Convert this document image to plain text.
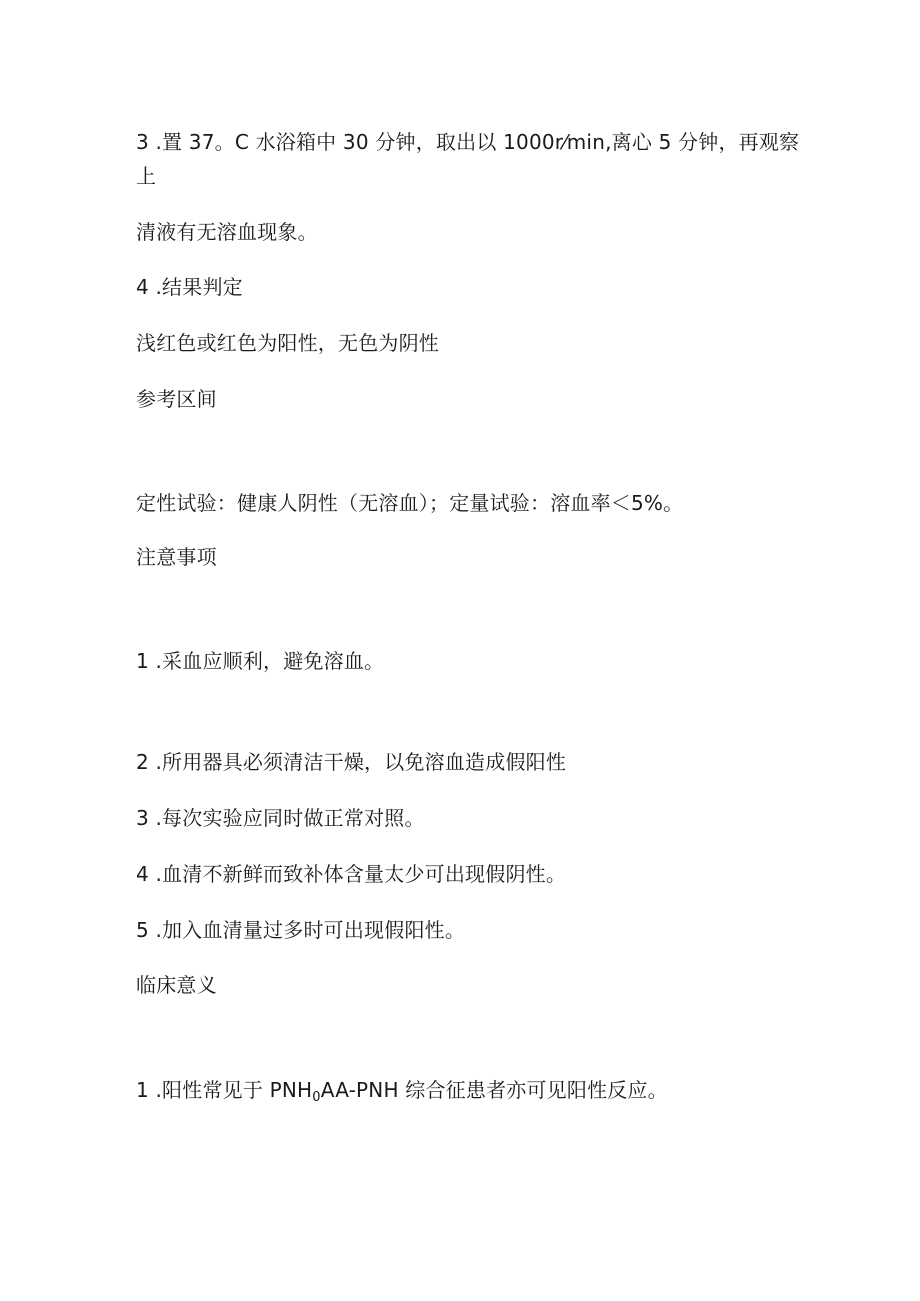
3 .置 37。C 水浴箱中 30 分钟，取出以 1000r⁄min,离心 5 分钟，再观察
上
清液有无溶血现象。
4 .结果判定
浅红色或红色为阳性，无色为阴性
参考区间
定性试验：健康人阴性（无溶血）；定量试验：溶血率＜5%。
注意事项
1 .采血应顺利，避免溶血。
2 .所用器具必须清洁干燥，以免溶血造成假阳性
3 .每次实验应同时做正常对照。
4 .血清不新鲜而致补体含量太少可出现假阴性。
5 .加入血清量过多时可出现假阳性。
临床意义
1 .阳性常见于 $PNH_0AA$-PNH 综合征患者亦可见阳性反应。
